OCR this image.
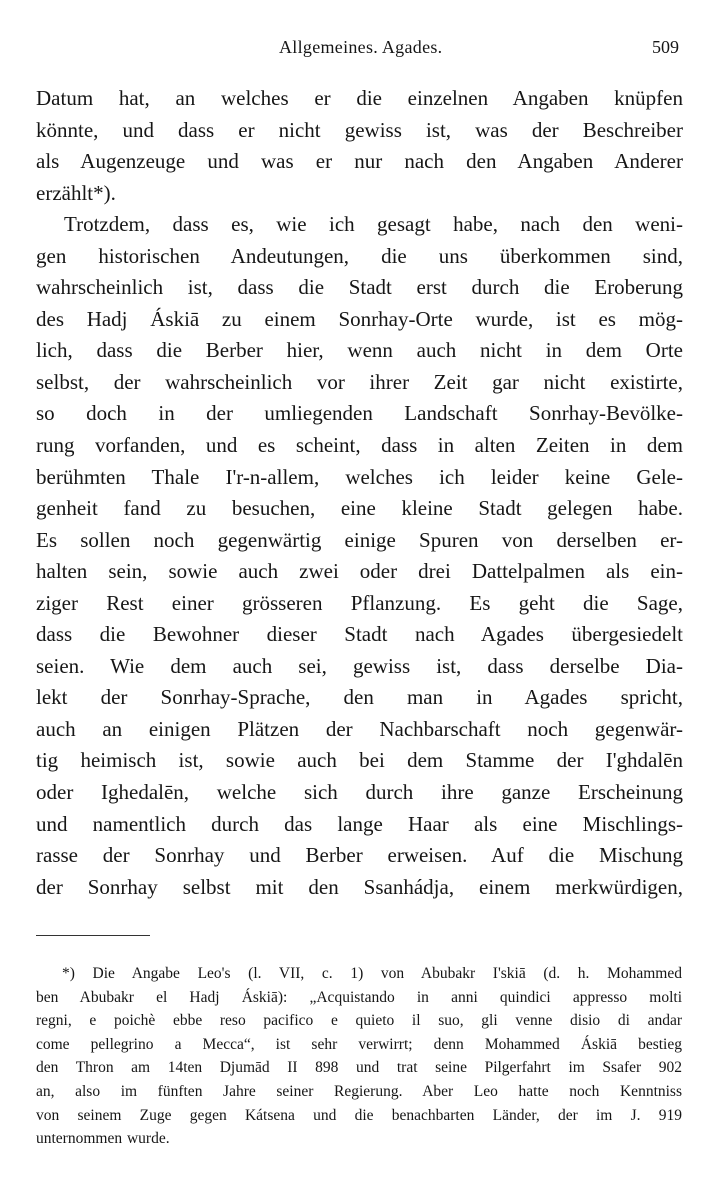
Allgemeines. Agades.	509
Datum hat, an welches er die einzelnen Angaben knüpfen
könnte, und dass er nicht gewiss ist, was der Beschreiber
als Augenzeuge und was er nur nach den Angaben Anderer
erzählt*).
Trotzdem, dass es, wie ich gesagt habe, nach den weni-
gen historischen Andeutungen, die uns überkommen sind,
wahrscheinlich ist, dass die Stadt erst durch die Eroberung
des Hadj Áskiā zu einem Sonrhay-Orte wurde, ist es mög-
lich, dass die Berber hier, wenn auch nicht in dem Orte
selbst, der wahrscheinlich vor ihrer Zeit gar nicht existirte,
so doch in der umliegenden Landschaft Sonrhay-Bevölke-
rung vorfanden, und es scheint, dass in alten Zeiten in dem
berühmten Thale I'r-n-allem, welches ich leider keine Gele-
genheit fand zu besuchen, eine kleine Stadt gelegen habe.
Es sollen noch gegenwärtig einige Spuren von derselben er-
halten sein, sowie auch zwei oder drei Dattelpalmen als ein-
ziger Rest einer grösseren Pflanzung. Es geht die Sage,
dass die Bewohner dieser Stadt nach Agades übergesiedelt
seien. Wie dem auch sei, gewiss ist, dass derselbe Dia-
lekt der Sonrhay-Sprache, den man in Agades spricht,
auch an einigen Plätzen der Nachbarschaft noch gegenwär-
tig heimisch ist, sowie auch bei dem Stamme der I'ghdalēn
oder Ighedalēn, welche sich durch ihre ganze Erscheinung
und namentlich durch das lange Haar als eine Mischlings-
rasse der Sonrhay und Berber erweisen. Auf die Mischung
der Sonrhay selbst mit den Ssanhádja, einem merkwürdigen,
*) Die Angabe Leo's (l. VII, c. 1) von Abubakr I'skiā (d. h. Mohammed
ben Abubakr el Hadj Áskiā): „Acquistando in anni quindici appresso molti
regni, e poichè ebbe reso pacifico e quieto il suo, gli venne disio di andar
come pellegrino a Mecca“, ist sehr verwirrt; denn Mohammed Áskiā bestieg
den Thron am 14ten Djumād II 898 und trat seine Pilgerfahrt im Ssafer 902
an, also im fünften Jahre seiner Regierung. Aber Leo hatte noch Kenntniss
von seinem Zuge gegen Kátsena und die benachbarten Länder, der im J. 919
unternommen wurde.
